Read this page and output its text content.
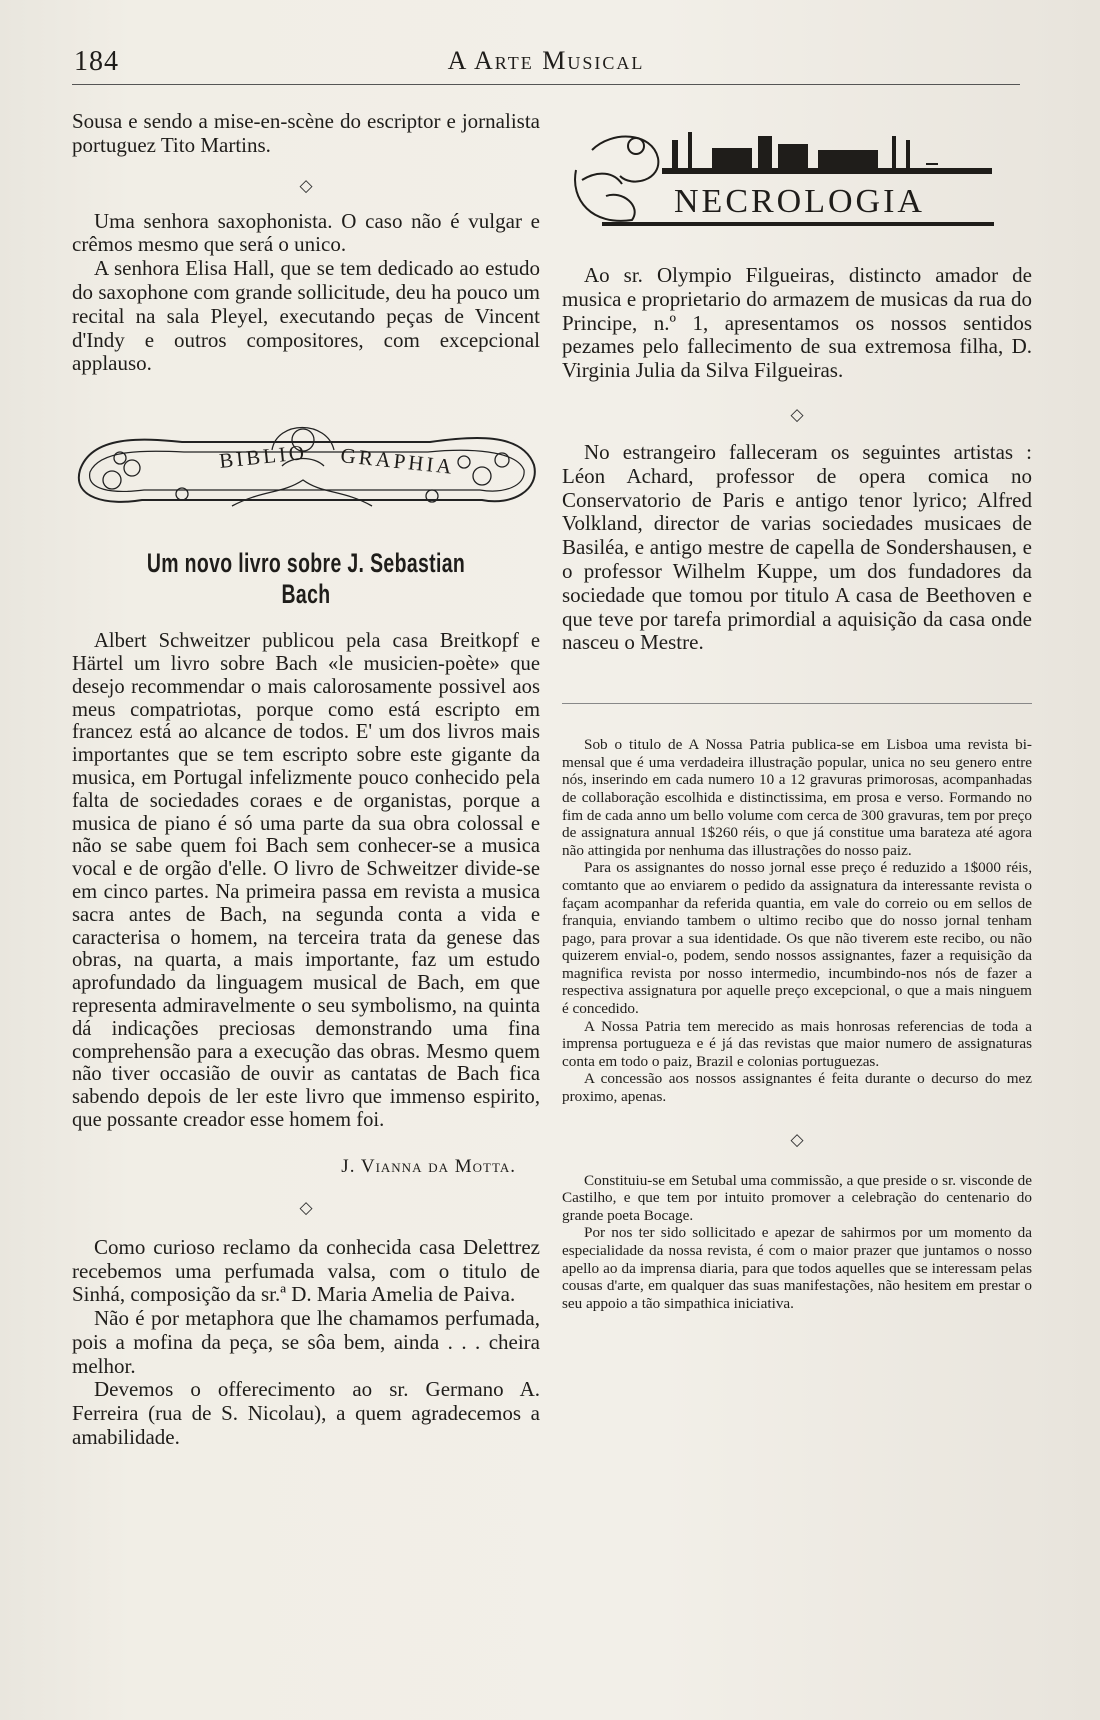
184	A Arte Musical

Sousa e sendo a mise-en-scène do escriptor e jornalista portuguez Tito Martins.

◇

Uma senhora saxophonista. O caso não é vulgar e crêmos mesmo que será o unico.

A senhora Elisa Hall, que se tem dedicado ao estudo do saxophone com grande sollicitude, deu ha pouco um recital na sala Pleyel, executando peças de Vincent d'Indy e outros compositores, com excepcional applauso.

BIBLIO GRAPHIA
Um novo livro sobre J. Sebastian Bach

Albert Schweitzer publicou pela casa Breitkopf e Härtel um livro sobre Bach «le musicien-poète» que desejo recommendar o mais calorosamente possivel aos meus compatriotas, porque como está escripto em francez está ao alcance de todos. E' um dos livros mais importantes que se tem escripto sobre este gigante da musica, em Portugal infelizmente pouco conhecido pela falta de sociedades coraes e de organistas, porque a musica de piano é só uma parte da sua obra colossal e não se sabe quem foi Bach sem conhecer-se a musica vocal e de orgão d'elle. O livro de Schweitzer divide-se em cinco partes. Na primeira passa em revista a musica sacra antes de Bach, na segunda conta a vida e caracterisa o homem, na terceira trata da genese das obras, na quarta, a mais importante, faz um estudo aprofundado da linguagem musical de Bach, em que representa admiravelmente o seu symbolismo, na quinta dá indicações preciosas demonstrando uma fina comprehensão para a execução das obras. Mesmo quem não tiver occasião de ouvir as cantatas de Bach fica sabendo depois de ler este livro que immenso espirito, que possante creador esse homem foi.

J. Vianna da Motta.
◇

Como curioso reclamo da conhecida casa Delettrez recebemos uma perfumada valsa, com o titulo de Sinhá, composição da sr.ª D. Maria Amelia de Paiva.

Não é por metaphora que lhe chamamos perfumada, pois a mofina da peça, se sôa bem, ainda . . . cheira melhor.

Devemos o offerecimento ao sr. Germano A. Ferreira (rua de S. Nicolau), a quem agradecemos a amabilidade.

NECROLOGIA

Ao sr. Olympio Filgueiras, distincto amador de musica e proprietario do armazem de musicas da rua do Principe, n.º 1, apresentamos os nossos sentidos pezames pelo fallecimento de sua extremosa filha, D. Virginia Julia da Silva Filgueiras.

◇

No estrangeiro falleceram os seguintes artistas : Léon Achard, professor de opera comica no Conservatorio de Paris e antigo tenor lyrico; Alfred Volkland, director de varias sociedades musicaes de Basiléa, e antigo mestre de capella de Sondershausen, e o professor Wilhelm Kuppe, um dos fundadores da sociedade que tomou por titulo A casa de Beethoven e que teve por tarefa primordial a aquisição da casa onde nasceu o Mestre.

Sob o titulo de A Nossa Patria publica-se em Lisboa uma revista bi-mensal que é uma verdadeira illustração popular, unica no seu genero entre nós, inserindo em cada numero 10 a 12 gravuras primorosas, acompanhadas de collaboração escolhida e distinctissima, em prosa e verso. Formando no fim de cada anno um bello volume com cerca de 300 gravuras, tem por preço de assignatura annual 1$260 réis, o que já constitue uma barateza até agora não attingida por nenhuma das illustrações do nosso paiz.

Para os assignantes do nosso jornal esse preço é reduzido a 1$000 réis, comtanto que ao enviarem o pedido da assignatura da interessante revista o façam acompanhar da referida quantia, em vale do correio ou em sellos de franquia, enviando tambem o ultimo recibo que do nosso jornal tenham pago, para provar a sua identidade. Os que não tiverem este recibo, ou não quizerem envial-o, podem, sendo nossos assignantes, fazer a requisição da magnifica revista por nosso intermedio, incumbindo-nos nós de fazer a respectiva assignatura por aquelle preço excepcional, o que a mais ninguem é concedido.

A Nossa Patria tem merecido as mais honrosas referencias de toda a imprensa portugueza e é já das revistas que maior numero de assignaturas conta em todo o paiz, Brazil e colonias portuguezas.

A concessão aos nossos assignantes é feita durante o decurso do mez proximo, apenas.

◇

Constituiu-se em Setubal uma commissão, a que preside o sr. visconde de Castilho, e que tem por intuito promover a celebração do centenario do grande poeta Bocage.

Por nos ter sido sollicitado e apezar de sahirmos por um momento da especialidade da nossa revista, é com o maior prazer que juntamos o nosso apello ao da imprensa diaria, para que todos aquelles que se interessam pelas cousas d'arte, em qualquer das suas manifestações, não hesitem em prestar o seu appoio a tão simpathica iniciativa.
